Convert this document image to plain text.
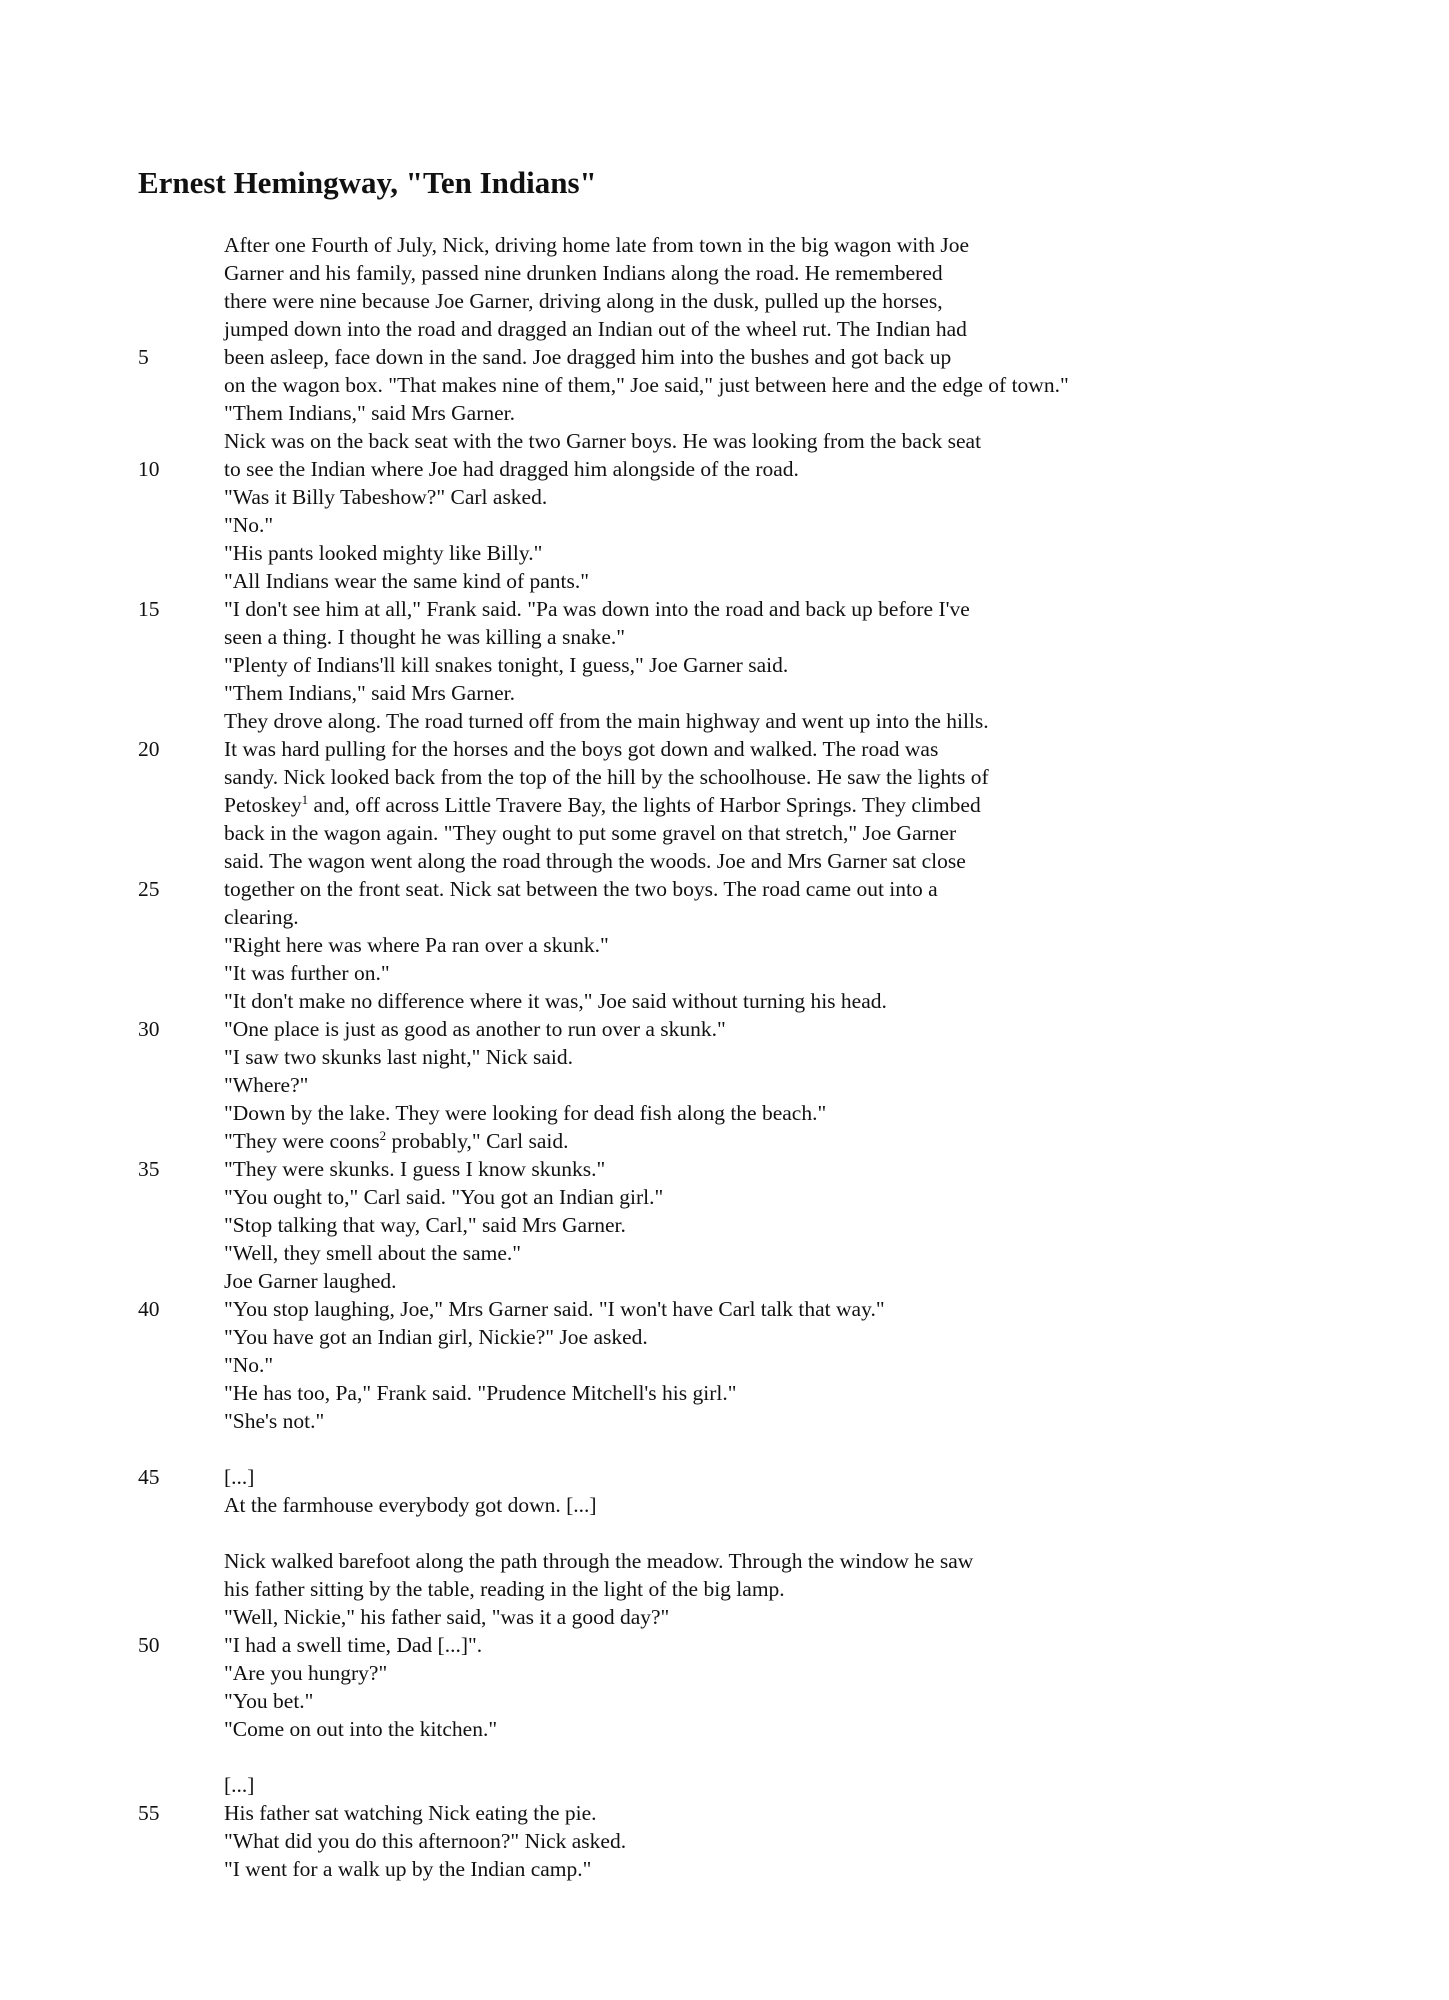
Ernest Hemingway, "Ten Indians"
After one Fourth of July, Nick, driving home late from town in the big wagon with Joe
Garner and his family, passed nine drunken Indians along the road. He remembered
there were nine because Joe Garner, driving along in the dusk, pulled up the horses,
jumped down into the road and dragged an Indian out of the wheel rut. The Indian had
5	been asleep, face down in the sand. Joe dragged him into the bushes and got back up
on the wagon box. "That makes nine of them," Joe said," just between here and the edge of town."
"Them Indians," said Mrs Garner.
Nick was on the back seat with the two Garner boys. He was looking from the back seat
10	to see the Indian where Joe had dragged him alongside of the road.
"Was it Billy Tabeshow?" Carl asked.
"No."
"His pants looked mighty like Billy."
"All Indians wear the same kind of pants."
15	"I don't see him at all," Frank said. "Pa was down into the road and back up before I've
seen a thing. I thought he was killing a snake."
"Plenty of Indians'll kill snakes tonight, I guess," Joe Garner said.
"Them Indians," said Mrs Garner.
They drove along. The road turned off from the main highway and went up into the hills.
20	It was hard pulling for the horses and the boys got down and walked. The road was
sandy. Nick looked back from the top of the hill by the schoolhouse. He saw the lights of
Petoskey$^1$ and, off across Little Travere Bay, the lights of Harbor Springs. They climbed
back in the wagon again. "They ought to put some gravel on that stretch," Joe Garner
said. The wagon went along the road through the woods. Joe and Mrs Garner sat close
25	together on the front seat. Nick sat between the two boys. The road came out into a
clearing.
"Right here was where Pa ran over a skunk."
"It was further on."
"It don't make no difference where it was," Joe said without turning his head.
30	"One place is just as good as another to run over a skunk."
"I saw two skunks last night," Nick said.
"Where?"
"Down by the lake. They were looking for dead fish along the beach."
"They were coons$^2$ probably," Carl said.
35	"They were skunks. I guess I know skunks."
"You ought to," Carl said. "You got an Indian girl."
"Stop talking that way, Carl," said Mrs Garner.
"Well, they smell about the same."
Joe Garner laughed.
40	"You stop laughing, Joe," Mrs Garner said. "I won't have Carl talk that way."
"You have got an Indian girl, Nickie?" Joe asked.
"No."
"He has too, Pa," Frank said. "Prudence Mitchell's his girl."
"She's not."
45	[...]
At the farmhouse everybody got down. [...]
Nick walked barefoot along the path through the meadow. Through the window he saw
his father sitting by the table, reading in the light of the big lamp.
"Well, Nickie," his father said, "was it a good day?"
50	"I had a swell time, Dad [...]".
"Are you hungry?"
"You bet."
"Come on out into the kitchen."
[...]
55	His father sat watching Nick eating the pie.
"What did you do this afternoon?" Nick asked.
"I went for a walk up by the Indian camp."
